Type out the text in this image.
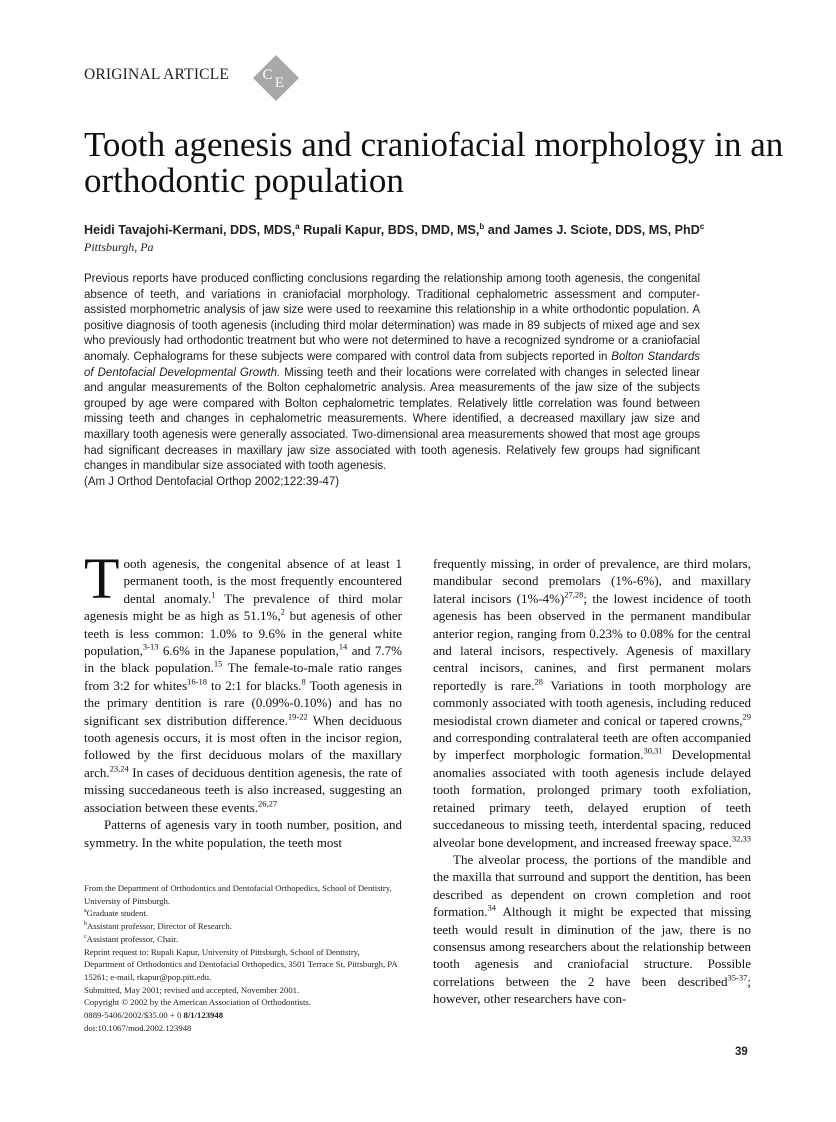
ORIGINAL ARTICLE C E
Tooth agenesis and craniofacial morphology in an orthodontic population
Heidi Tavajohi-Kermani, DDS, MDS,$^a$ Rupali Kapur, BDS, DMD, MS,$^b$ and James J. Sciote, DDS, MS, PhD$^c$
Pittsburgh, Pa
Previous reports have produced conflicting conclusions regarding the relationship among tooth agenesis, the congenital absence of teeth, and variations in craniofacial morphology. Traditional cephalometric assessment and computer-assisted morphometric analysis of jaw size were used to reexamine this relationship in a white orthodontic population. A positive diagnosis of tooth agenesis (including third molar determination) was made in 89 subjects of mixed age and sex who previously had orthodontic treatment but who were not determined to have a recognized syndrome or a craniofacial anomaly. Cephalograms for these subjects were compared with control data from subjects reported in Bolton Standards of Dentofacial Developmental Growth. Missing teeth and their locations were correlated with changes in selected linear and angular measurements of the Bolton cephalometric analysis. Area measurements of the jaw size of the subjects grouped by age were compared with Bolton cephalometric templates. Relatively little correlation was found between missing teeth and changes in cephalometric measurements. Where identified, a decreased maxillary jaw size and maxillary tooth agenesis were generally associated. Two-dimensional area measurements showed that most age groups had significant decreases in maxillary jaw size associated with tooth agenesis. Relatively few groups had significant changes in mandibular size associated with tooth agenesis.
(Am J Orthod Dentofacial Orthop 2002;122:39-47)

Tooth agenesis, the congenital absence of at least 1 permanent tooth, is the most frequently encountered dental anomaly.$^1$ The prevalence of third molar agenesis might be as high as 51.1%,$^2$ but agenesis of other teeth is less common: 1.0% to 9.6% in the general white population,$^{3-13}$ 6.6% in the Japanese population,$^{14}$ and 7.7% in the black population.$^{15}$ The female-to-male ratio ranges from 3:2 for whites$^{16-18}$ to 2:1 for blacks.$^8$ Tooth agenesis in the primary dentition is rare (0.09%-0.10%) and has no significant sex distribution difference.$^{19-22}$ When deciduous tooth agenesis occurs, it is most often in the incisor region, followed by the first deciduous molars of the maxillary arch.$^{23,24}$ In cases of deciduous dentition agenesis, the rate of missing succedaneous teeth is also increased, suggesting an association between these events.$^{26,27}$

Patterns of agenesis vary in tooth number, position, and symmetry. In the white population, the teeth most

frequently missing, in order of prevalence, are third molars, mandibular second premolars (1%-6%), and maxillary lateral incisors (1%-4%)$^{27,28}$; the lowest incidence of tooth agenesis has been observed in the permanent mandibular anterior region, ranging from 0.23% to 0.08% for the central and lateral incisors, respectively. Agenesis of maxillary central incisors, canines, and first permanent molars reportedly is rare.$^{28}$ Variations in tooth morphology are commonly associated with tooth agenesis, including reduced mesiodistal crown diameter and conical or tapered crowns,$^{29}$ and corresponding contralateral teeth are often accompanied by imperfect morphologic formation.$^{30,31}$ Developmental anomalies associated with tooth agenesis include delayed tooth formation, prolonged primary tooth exfoliation, retained primary teeth, delayed eruption of teeth succedaneous to missing teeth, interdental spacing, reduced alveolar bone development, and increased freeway space.$^{32,33}$

The alveolar process, the portions of the mandible and the maxilla that surround and support the dentition, has been described as dependent on crown completion and root formation.$^{34}$ Although it might be expected that missing teeth would result in diminution of the jaw, there is no consensus among researchers about the relationship between tooth agenesis and craniofacial structure. Possible correlations between the 2 have been described$^{35-37}$; however, other researchers have con-

From the Department of Orthodontics and Dentofacial Orthopedics, School of Dentistry, University of Pittsburgh.

$^a$Graduate student.

$^b$Assistant professor, Director of Research.

$^c$Assistant professor, Chair.

Reprint request to: Rupali Kapur, University of Pittsburgh, School of Dentistry, Department of Orthodontics and Dentofacial Orthopedics, 3501 Terrace St, Pittsburgh, PA 15261; e-mail, rkapur@pop.pitt.edu.

Submitted, May 2001; revised and accepted, November 2001.

Copyright © 2002 by the American Association of Orthodontists.

0889-5406/2002/$35.00 + 0 8/1/123948

doi:10.1067/mod.2002.123948

39
